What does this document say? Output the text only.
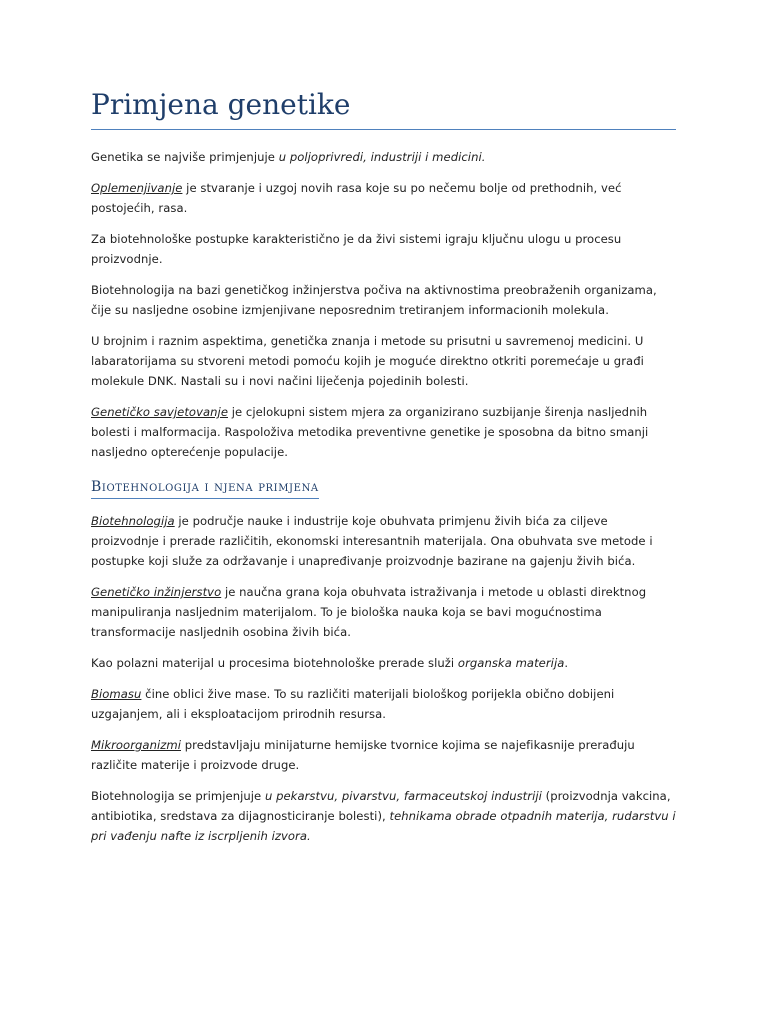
Primjena genetike

Genetika se najviše primjenjuje u poljoprivredi, industriji i medicini.

Oplemenjivanje je stvaranje i uzgoj novih rasa koje su po nečemu bolje od prethodnih, već postojećih, rasa.

Za biotehnološke postupke karakteristično je da živi sistemi igraju ključnu ulogu u procesu proizvodnje.

Biotehnologija na bazi genetičkog inžinjerstva počiva na aktivnostima preobraženih organizama, čije su nasljedne osobine izmjenjivane neposrednim tretiranjem informacionih molekula.

U brojnim i raznim aspektima, genetička znanja i metode su prisutni u savremenoj medicini. U labaratorijama su stvoreni metodi pomoću kojih je moguće direktno otkriti poremećaje u građi molekule DNK. Nastali su i novi načini liječenja pojedinih bolesti.

Genetičko savjetovanje je cjelokupni sistem mjera za organizirano suzbijanje širenja nasljednih bolesti i malformacija. Raspoloživa metodika preventivne genetike je sposobna da bitno smanji nasljedno opterećenje populacije.

Biotehnologija i njena primjena

Biotehnologija je područje nauke i industrije koje obuhvata primjenu živih bića za ciljeve proizvodnje i prerade različitih, ekonomski interesantnih materijala. Ona obuhvata sve metode i postupke koji služe za održavanje i unapređivanje proizvodnje bazirane na gajenju živih bića.

Genetičko inžinjerstvo je naučna grana koja obuhvata istraživanja i metode u oblasti direktnog manipuliranja nasljednim materijalom. To je biološka nauka koja se bavi mogućnostima transformacije nasljednih osobina živih bića.

Kao polazni materijal u procesima biotehnološke prerade služi organska materija.

Biomasu čine oblici žive mase. To su različiti materijali biološkog porijekla obično dobijeni uzgajanjem, ali i eksploatacijom prirodnih resursa.

Mikroorganizmi predstavljaju minijaturne hemijske tvornice kojima se najefikasnije prerađuju različite materije i proizvode druge.

Biotehnologija se primjenjuje u pekarstvu, pivarstvu, farmaceutskoj industriji (proizvodnja vakcina, antibiotika, sredstava za dijagnosticiranje bolesti), tehnikama obrade otpadnih materija, rudarstvu i pri vađenju nafte iz iscrpljenih izvora.
